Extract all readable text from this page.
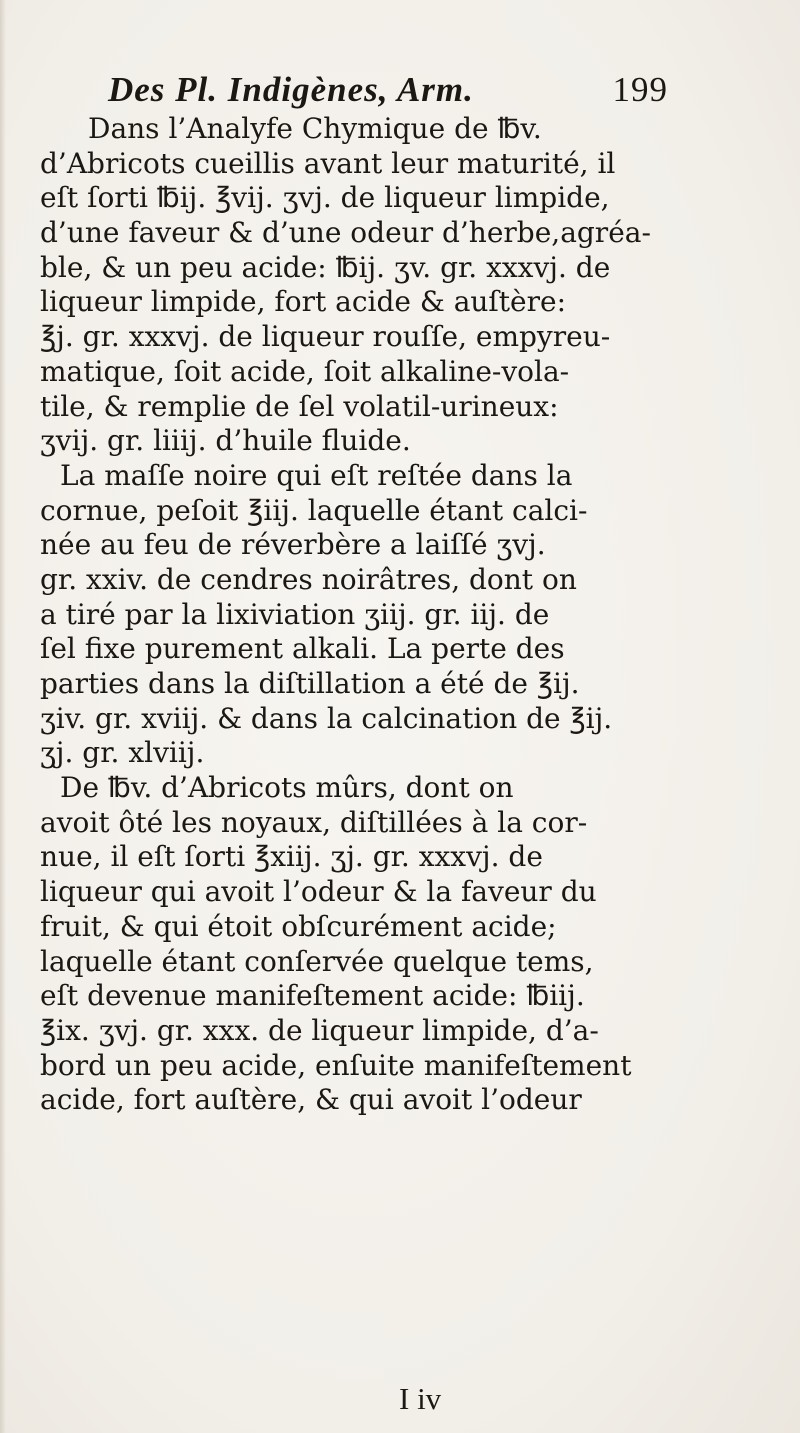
Des Pl. Indigènes, Arm.	199
Dans l’Analyfe Chymique de ℔v.
d’Abricots cueillis avant leur maturité, il
eſt ſorti ℔ij. ℥vij. ʒvj. de liqueur limpide,
d’une faveur & d’une odeur d’herbe,agréa-
ble, & un peu acide: ℔ij. ʒv. gr. xxxvj. de
liqueur limpide, fort acide & auſtère:
℥j. gr. xxxvj. de liqueur rouſſe, empyreu-
matique, ſoit acide, ſoit alkaline-vola-
tile, & remplie de ſel volatil-urineux:
ʒvij. gr. liiij. d’huile fluide.
La maſſe noire qui eſt reſtée dans la
cornue, peſoit ℥iij. laquelle étant calci-
née au feu de réverbère a laiſſé ʒvj.
gr. xxiv. de cendres noirâtres, dont on
a tiré par la lixiviation ʒiij. gr. iij. de
ſel fixe purement alkali. La perte des
parties dans la diſtillation a été de ℥ij.
ʒiv. gr. xviij. & dans la calcination de ℥ij.
ʒj. gr. xlviij.
De ℔v. d’Abricots mûrs, dont on
avoit ôté les noyaux, diſtillées à la cor-
nue, il eſt ſorti ℥xiij. ʒj. gr. xxxvj. de
liqueur qui avoit l’odeur & la faveur du
fruit, & qui étoit obſcurément acide;
laquelle étant conſervée quelque tems,
eſt devenue manifeſtement acide: ℔iij.
℥ix. ʒvj. gr. xxx. de liqueur limpide, d’a-
bord un peu acide, enſuite manifeſtement
acide, fort auſtère, & qui avoit l’odeur
I iv
